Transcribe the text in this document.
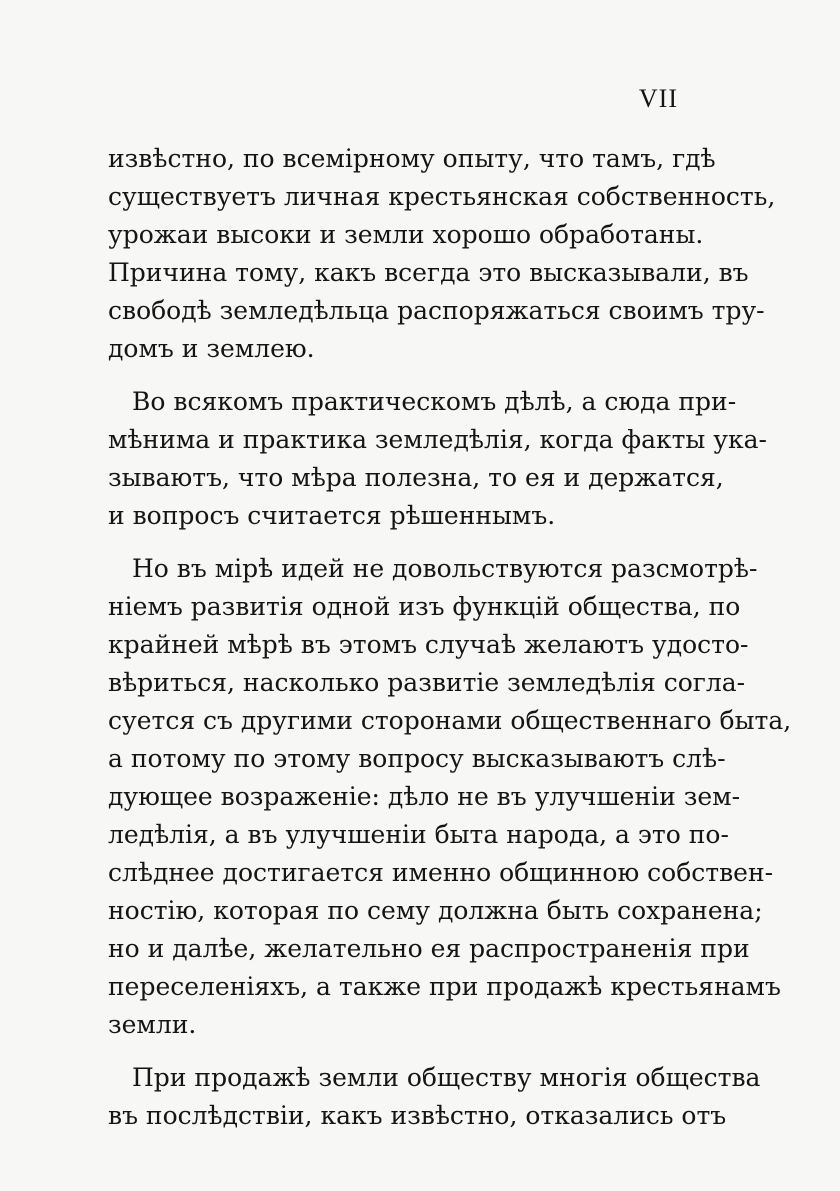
VII

извѣстно, по всемірному опыту, что тамъ, гдѣ
существуетъ личная крестьянская собственность,
урожаи высоки и земли хорошо обработаны.
Причина тому, какъ всегда это высказывали, въ
свободѣ земледѣльца распоряжаться своимъ тру-
домъ и землею.

Во всякомъ практическомъ дѣлѣ, а сюда при-
мѣнима и практика земледѣлія, когда факты ука-
зываютъ, что мѣра полезна, то ея и держатся,
и вопросъ считается рѣшеннымъ.

Но въ мірѣ идей не довольствуются разсмотрѣ-
ніемъ развитія одной изъ функцій общества, по
крайней мѣрѣ въ этомъ случаѣ желаютъ удосто-
вѣриться, насколько развитіе земледѣлія согла-
суется съ другими сторонами общественнаго быта,
а потому по этому вопросу высказываютъ слѣ-
дующее возраженіе: дѣло не въ улучшеніи зем-
ледѣлія, а въ улучшеніи быта народа, а это по-
слѣднее достигается именно общинною собствен-
ностію, которая по сему должна быть сохранена;
но и далѣе, желательно ея распространенія при
переселеніяхъ, а также при продажѣ крестьянамъ
земли.

При продажѣ земли обществу многія общества
въ послѣдствіи, какъ извѣстно, отказались отъ
